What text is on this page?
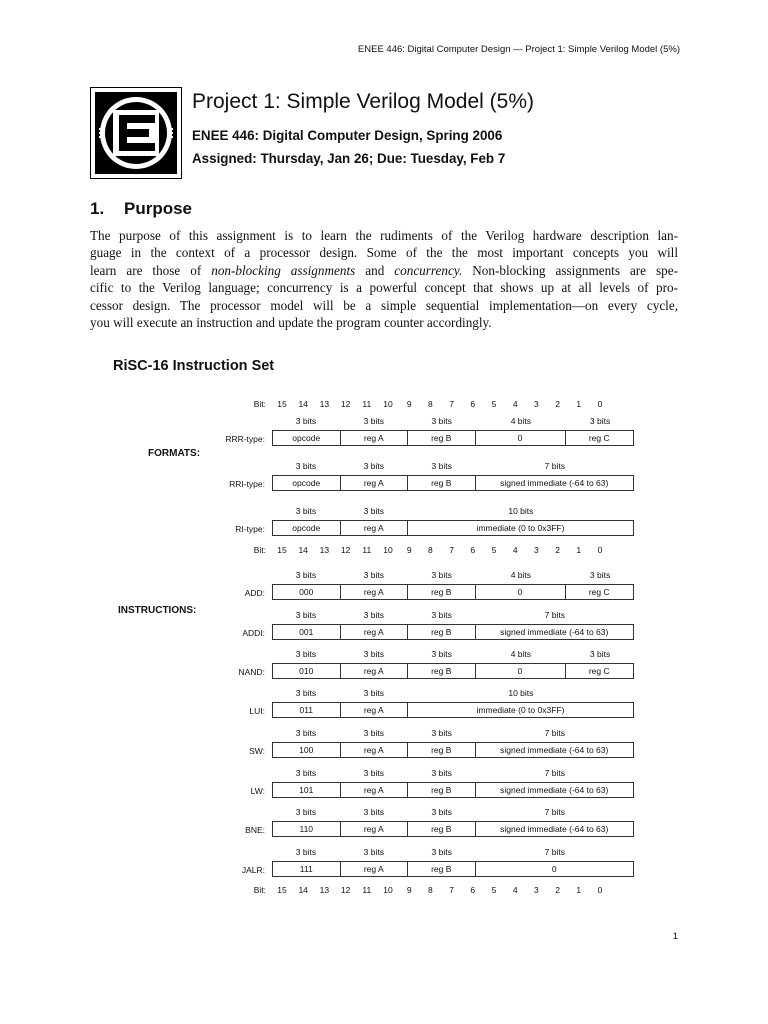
ENEE 446: Digital Computer Design — Project 1: Simple Verilog Model (5%)
Project 1: Simple Verilog Model (5%)
ENEE 446: Digital Computer Design, Spring 2006
Assigned: Thursday, Jan 26; Due: Tuesday, Feb 7
1. Purpose

The purpose of this assignment is to learn the rudiments of the Verilog hardware description lan-
guage in the context of a processor design. Some of the the most important concepts you will
learn are those of non-blocking assignments and concurrency. Non-blocking assignments are spe-
cific to the Verilog language; concurrency is a powerful concept that shows up at all levels of pro-
cessor design. The processor model will be a simple sequential implementation—on every cycle,
you will execute an instruction and update the program counter accordingly.

RiSC-16 Instruction Set
FORMATS:
INSTRUCTIONS:
Bit:	15	14	13	12	11	10	9	8	7	6	5	4	3	2	1	0
3 bits	3 bits	3 bits	4 bits	3 bits
RRR-type:	opcode	reg A	reg B	0	reg C
3 bits	3 bits	3 bits	7 bits
RRI-type:	opcode	reg A	reg B	signed immediate (-64 to 63)
3 bits	3 bits	10 bits
RI-type:	opcode	reg A	immediate (0 to 0x3FF)
Bit:	15	14	13	12	11	10	9	8	7	6	5	4	3	2	1	0
3 bits	3 bits	3 bits	4 bits	3 bits
ADD:	000	reg A	reg B	0	reg C
3 bits	3 bits	3 bits	7 bits
ADDI:	001	reg A	reg B	signed immediate (-64 to 63)
3 bits	3 bits	3 bits	4 bits	3 bits
NAND:	010	reg A	reg B	0	reg C
3 bits	3 bits	10 bits
LUI:	011	reg A	immediate (0 to 0x3FF)
3 bits	3 bits	3 bits	7 bits
SW:	100	reg A	reg B	signed immediate (-64 to 63)
3 bits	3 bits	3 bits	7 bits
LW:	101	reg A	reg B	signed immediate (-64 to 63)
3 bits	3 bits	3 bits	7 bits
BNE:	110	reg A	reg B	signed immediate (-64 to 63)
3 bits	3 bits	3 bits	7 bits
JALR:	111	reg A	reg B	0
Bit:	15	14	13	12	11	10	9	8	7	6	5	4	3	2	1	0
1
